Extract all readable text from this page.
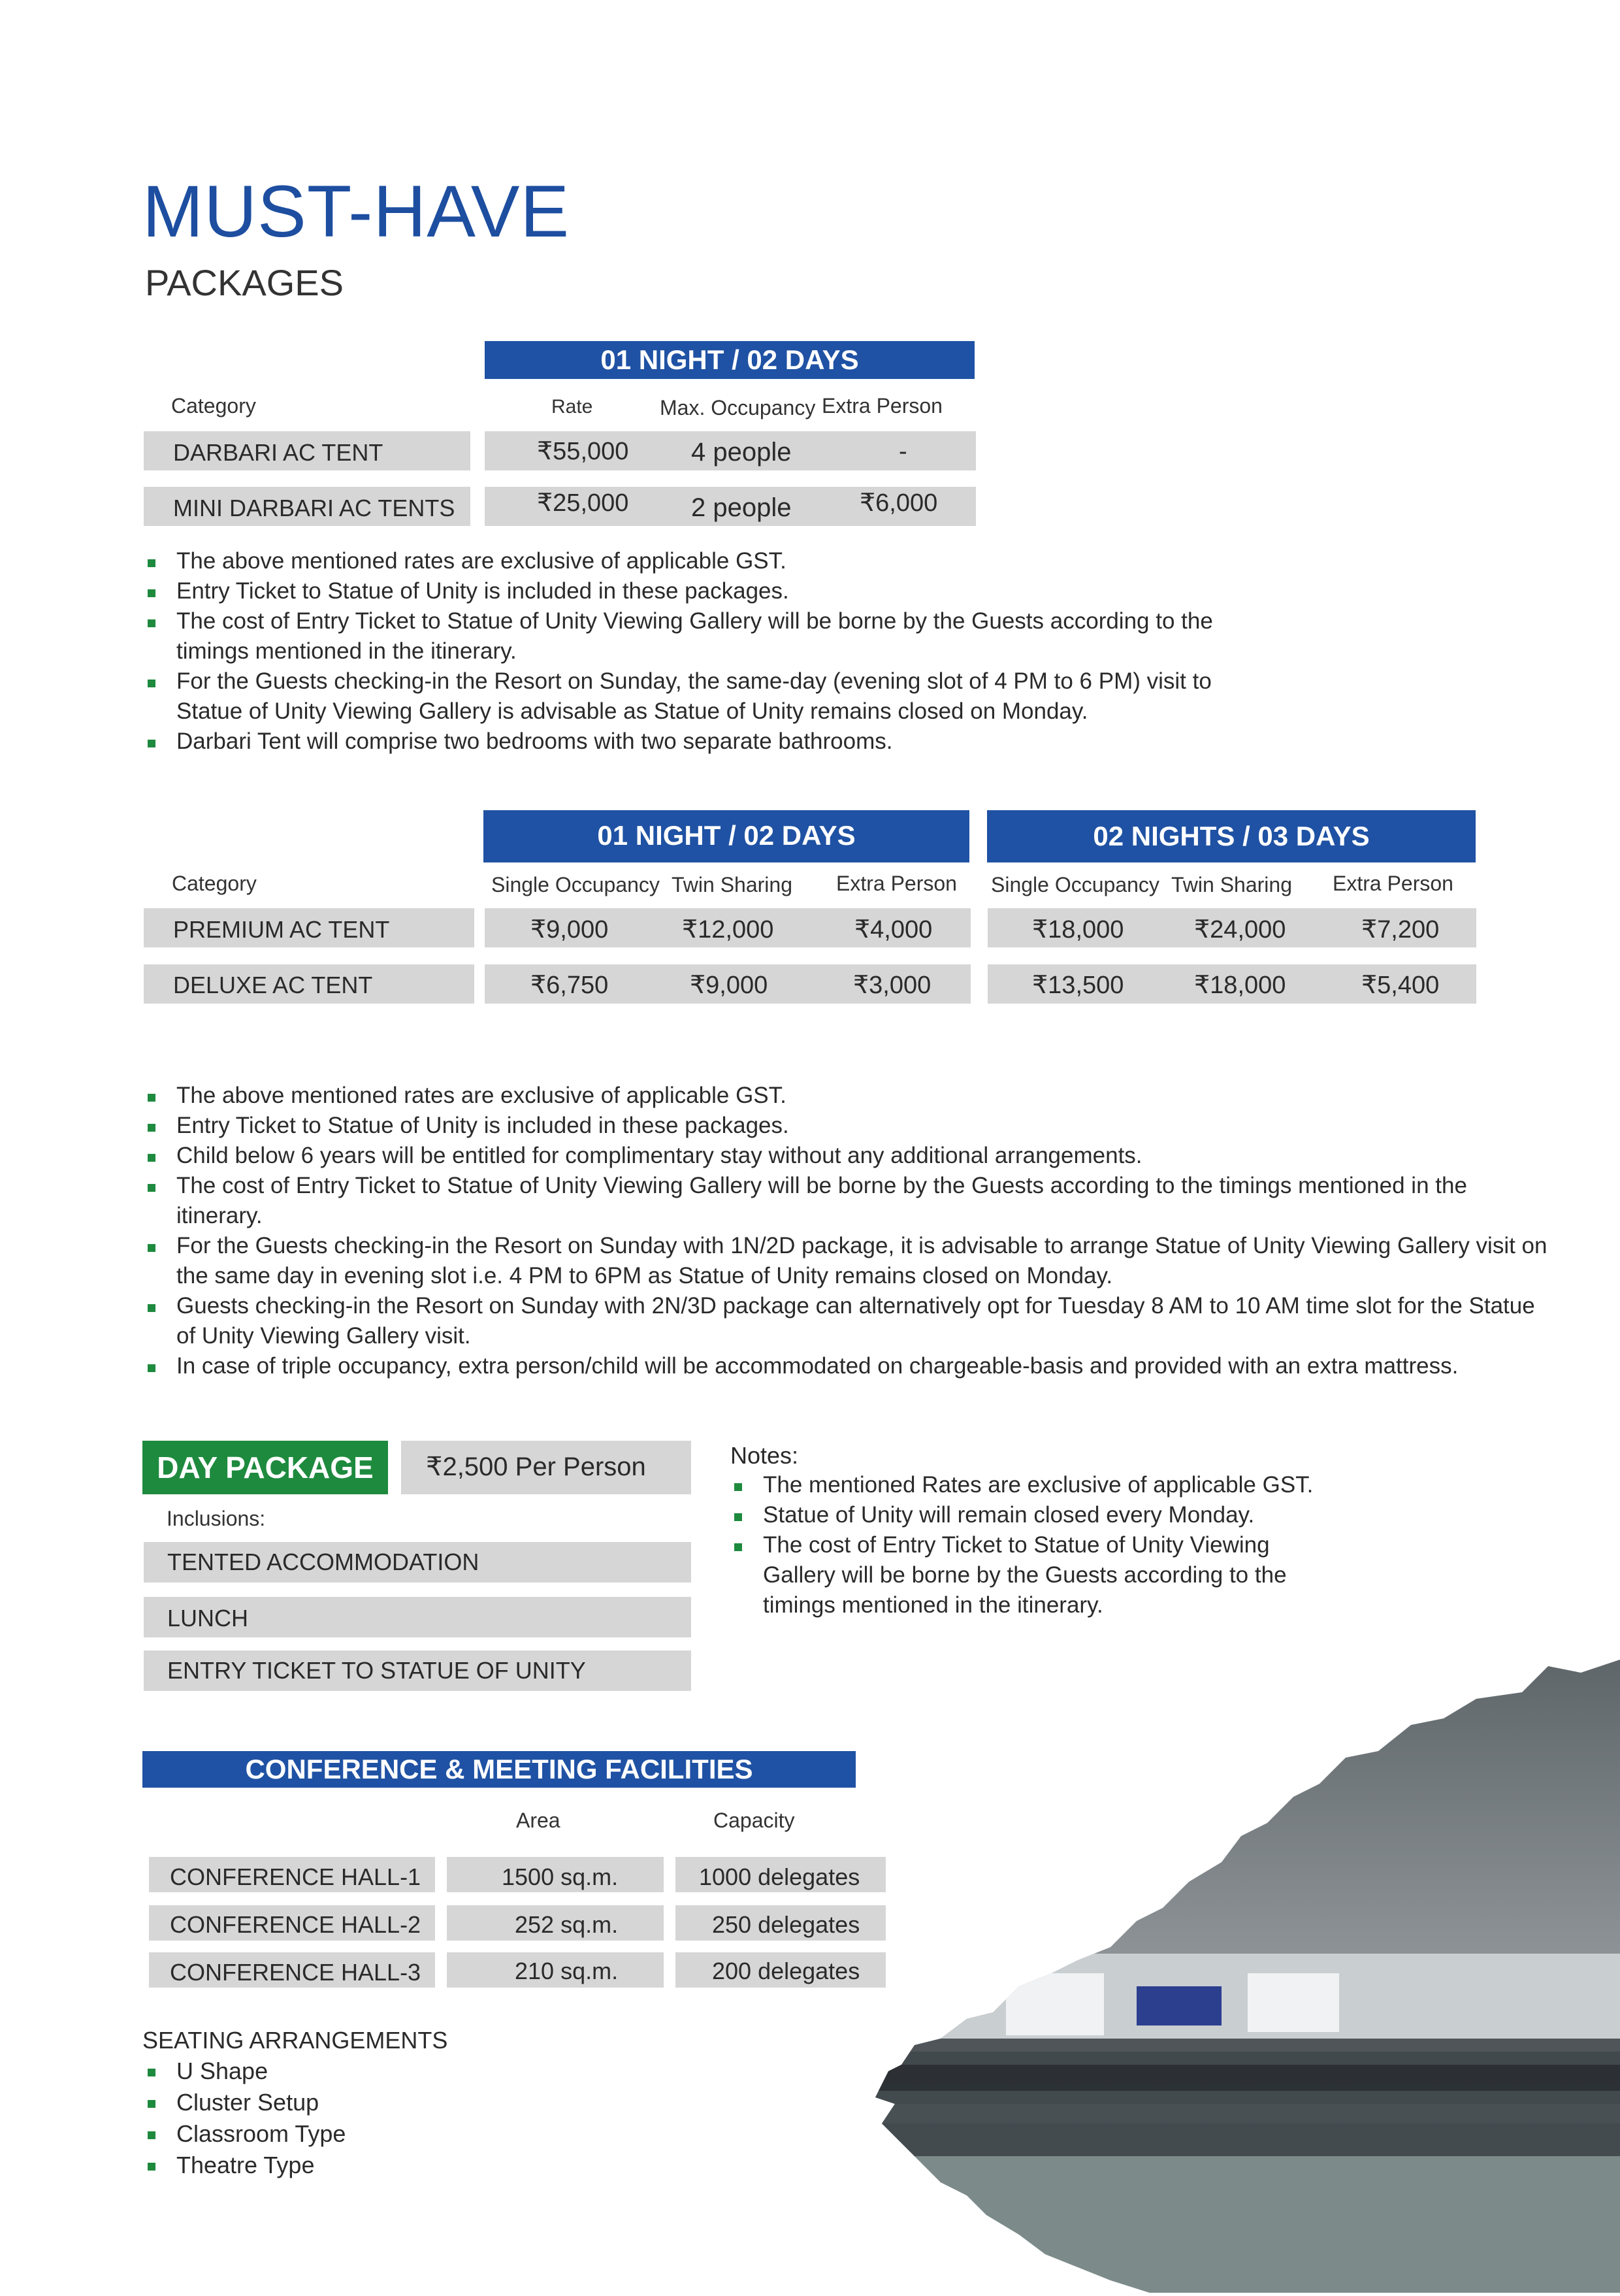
MUST-HAVE
PACKAGES
01 NIGHT / 02 DAYS
Category	Rate	Max. Occupancy Extra Person
DARBARI AC TENT	₹55,000 4 people	-
MINI DARBARI AC TENTS	₹25,000 2 people	₹6,000
The above mentioned rates are exclusive of applicable GST.
Entry Ticket to Statue of Unity is included in these packages.
The cost of Entry Ticket to Statue of Unity Viewing Gallery will be borne by the Guests according to the timings mentioned in the itinerary.
For the Guests checking-in the Resort on Sunday, the same-day (evening slot of 4 PM to 6 PM) visit to Statue of Unity Viewing Gallery is advisable as Statue of Unity remains closed on Monday.
Darbari Tent will comprise two bedrooms with two separate bathrooms.
01 NIGHT / 02 DAYS	02 NIGHTS / 03 DAYS
Category	Single Occupancy Twin Sharing Extra Person Single Occupancy Twin Sharing Extra Person
PREMIUM AC TENT	₹9,000	₹12,000	₹4,000	₹18,000	₹24,000	₹7,200
DELUXE AC TENT	₹6,750	₹9,000	₹3,000	₹13,500	₹18,000	₹5,400
The above mentioned rates are exclusive of applicable GST.
Entry Ticket to Statue of Unity is included in these packages.
Child below 6 years will be entitled for complimentary stay without any additional arrangements.
The cost of Entry Ticket to Statue of Unity Viewing Gallery will be borne by the Guests according to the timings mentioned in the itinerary.
For the Guests checking-in the Resort on Sunday with 1N/2D package, it is advisable to arrange Statue of Unity Viewing Gallery visit on the same day in evening slot i.e. 4 PM to 6PM as Statue of Unity remains closed on Monday.
Guests checking-in the Resort on Sunday with 2N/3D package can alternatively opt for Tuesday 8 AM to 10 AM time slot for the Statue of Unity Viewing Gallery visit.
In case of triple occupancy, extra person/child will be accommodated on chargeable-basis and provided with an extra mattress.
DAY PACKAGE	₹2,500 Per Person
Inclusions:
TENTED ACCOMMODATION
LUNCH
ENTRY TICKET TO STATUE OF UNITY
Notes:
The mentioned Rates are exclusive of applicable GST.
Statue of Unity will remain closed every Monday.
The cost of Entry Ticket to Statue of Unity Viewing Gallery will be borne by the Guests according to the timings mentioned in the itinerary.
CONFERENCE & MEETING FACILITIES
Area	Capacity
CONFERENCE HALL-1	1500 sq.m.	1000 delegates
CONFERENCE HALL-2	252 sq.m.	250 delegates
CONFERENCE HALL-3	210 sq.m.	200 delegates
SEATING ARRANGEMENTS
U Shape
Cluster Setup
Classroom Type
Theatre Type
